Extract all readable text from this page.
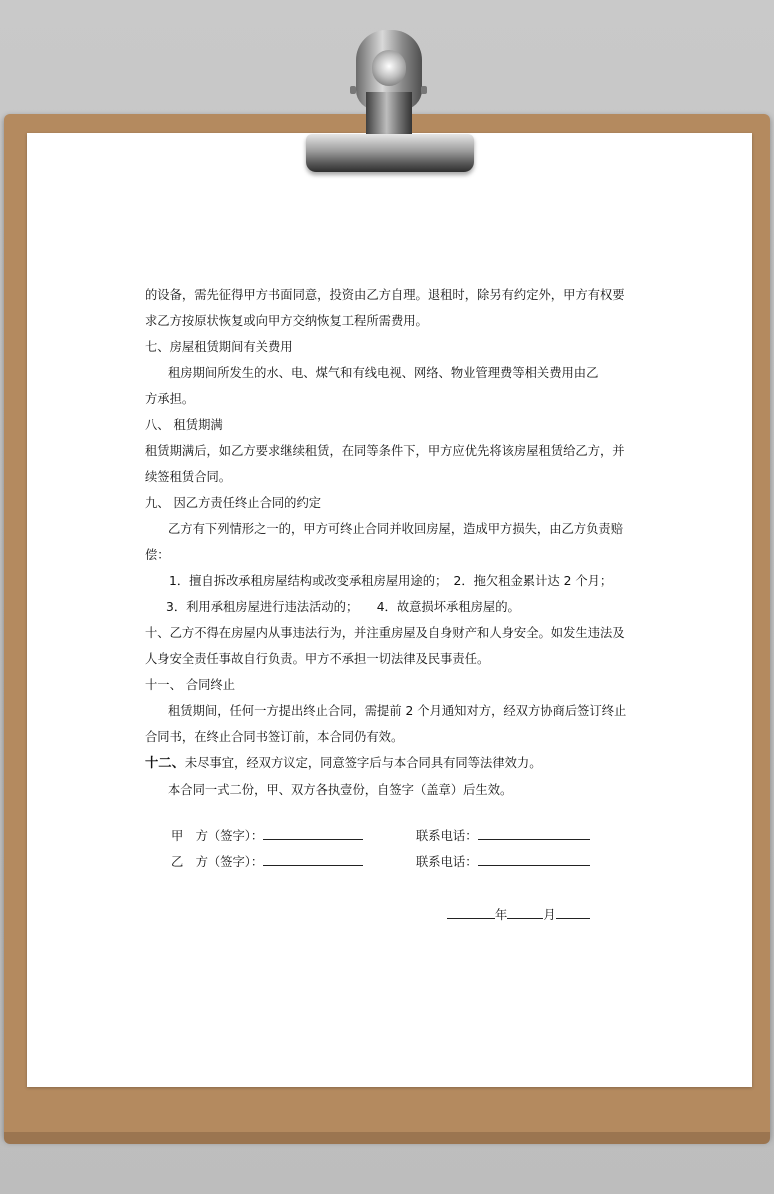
的设备，需先征得甲方书面同意，投资由乙方自理。退租时，除另有约定外，甲方有权要

求乙方按原状恢复或向甲方交纳恢复工程所需费用。

七、房屋租赁期间有关费用

租房期间所发生的水、电、煤气和有线电视、网络、物业管理费等相关费用由乙

方承担。

八、 租赁期满

租赁期满后，如乙方要求继续租赁，在同等条件下，甲方应优先将该房屋租赁给乙方，并

续签租赁合同。

九、 因乙方责任终止合同的约定

乙方有下列情形之一的，甲方可终止合同并收回房屋，造成甲方损失，由乙方负责赔

偿：

1．擅自拆改承租房屋结构或改变承租房屋用途的；　2．拖欠租金累计达 2 个月；

3．利用承租房屋进行违法活动的；　　4．故意损坏承租房屋的。

十、乙方不得在房屋内从事违法行为，并注重房屋及自身财产和人身安全。如发生违法及

人身安全责任事故自行负责。甲方不承担一切法律及民事责任。

十一、 合同终止

租赁期间，任何一方提出终止合同，需提前 2 个月通知对方，经双方协商后签订终止

合同书，在终止合同书签订前，本合同仍有效。

十二、未尽事宜，经双方议定，同意签字后与本合同具有同等法律效力。

本合同一式二份，甲、双方各执壹份，自签字（盖章）后生效。

甲　方（签字）：	联系电话：
乙　方（签字）：	联系电话：
年	月
